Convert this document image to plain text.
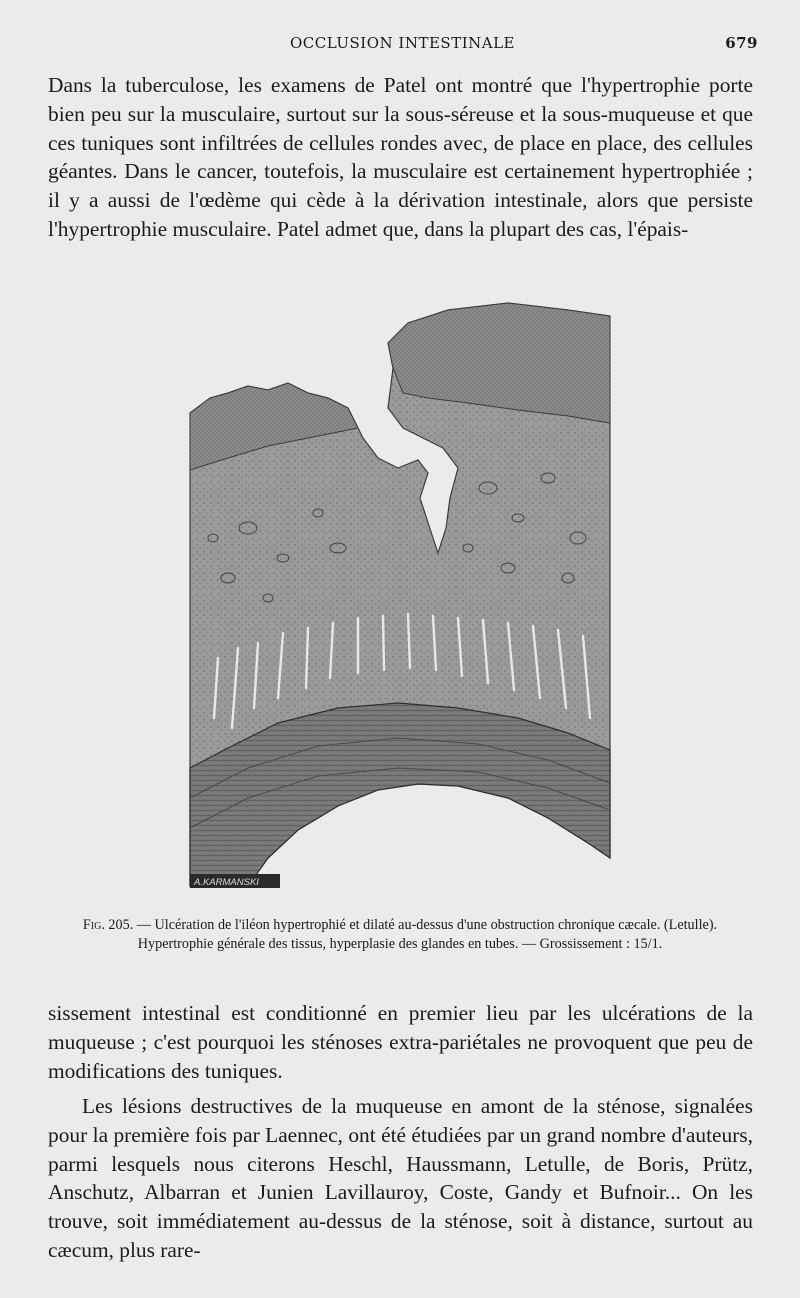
OCCLUSION INTESTINALE	679

Dans la tuberculose, les examens de Patel ont montré que l'hypertrophie porte bien peu sur la musculaire, surtout sur la sous-séreuse et la sous-muqueuse et que ces tuniques sont infiltrées de cellules rondes avec, de place en place, des cellules géantes. Dans le cancer, toutefois, la musculaire est certainement hypertrophiée ; il y a aussi de l'œdème qui cède à la dérivation intestinale, alors que persiste l'hypertrophie musculaire. Patel admet que, dans la plupart des cas, l'épais-

A.KARMANSKI
Fig. 205. — Ulcération de l'iléon hypertrophié et dilaté au-dessus d'une obstruction chronique cæcale. (Letulle).
Hypertrophie générale des tissus, hyperplasie des glandes en tubes. — Grossissement : 15/1.

sissement intestinal est conditionné en premier lieu par les ulcérations de la muqueuse ; c'est pourquoi les sténoses extra-pariétales ne provoquent que peu de modifications des tuniques.

Les lésions destructives de la muqueuse en amont de la sténose, signalées pour la première fois par Laennec, ont été étudiées par un grand nombre d'auteurs, parmi lesquels nous citerons Heschl, Haussmann, Letulle, de Boris, Prütz, Anschutz, Albarran et Junien Lavillauroy, Coste, Gandy et Bufnoir... On les trouve, soit immédiatement au-dessus de la sténose, soit à distance, surtout au cæcum, plus rare-
